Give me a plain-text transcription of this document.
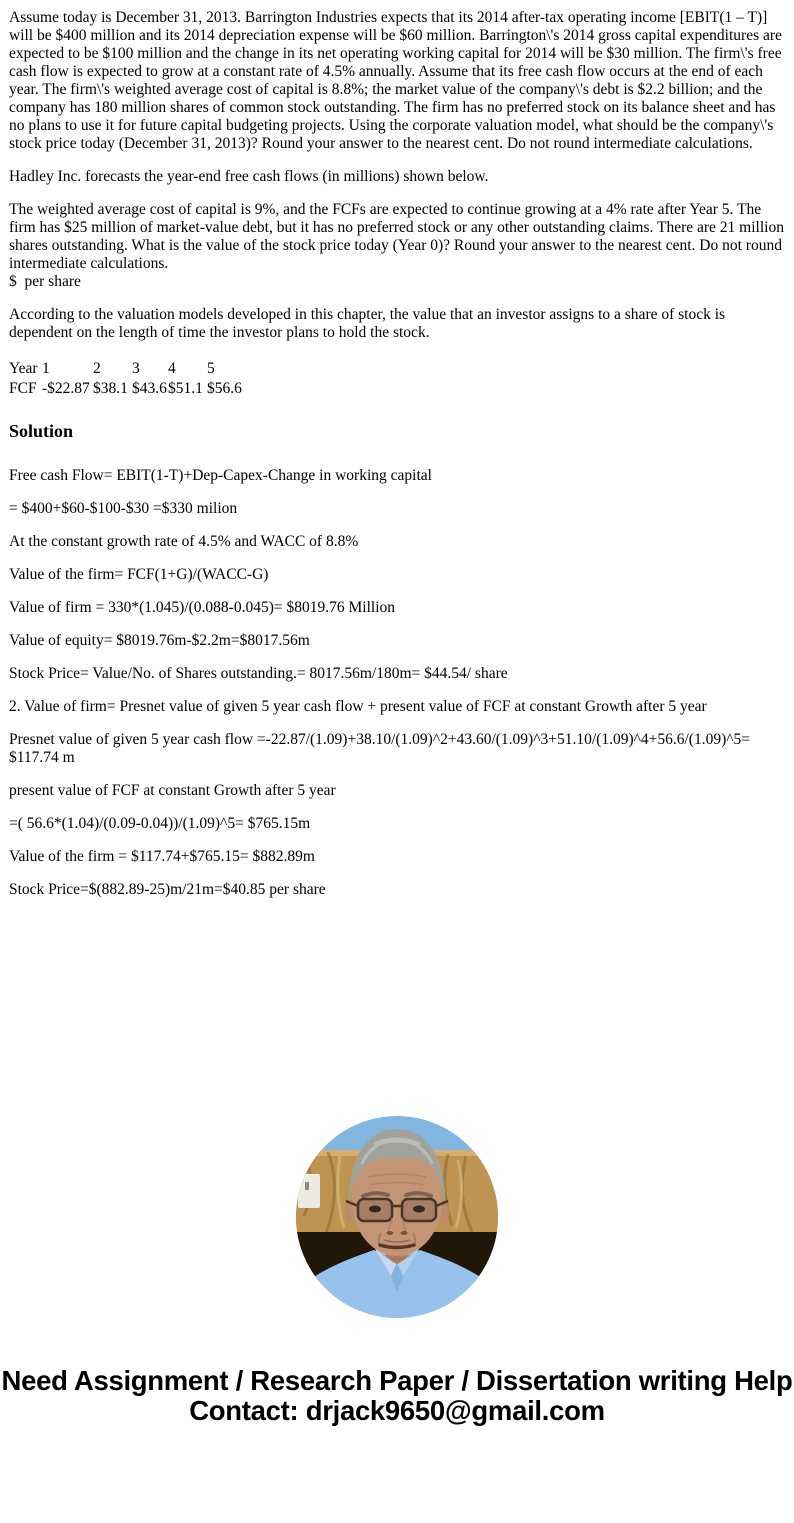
Assume today is December 31, 2013. Barrington Industries expects that its 2014 after-tax operating income [EBIT(1 – T)] will be $400 million and its 2014 depreciation expense will be $60 million. Barrington\'s 2014 gross capital expenditures are expected to be $100 million and the change in its net operating working capital for 2014 will be $30 million. The firm\'s free cash flow is expected to grow at a constant rate of 4.5% annually. Assume that its free cash flow occurs at the end of each year. The firm\'s weighted average cost of capital is 8.8%; the market value of the company\'s debt is $2.2 billion; and the company has 180 million shares of common stock outstanding. The firm has no preferred stock on its balance sheet and has no plans to use it for future capital budgeting projects. Using the corporate valuation model, what should be the company\'s stock price today (December 31, 2013)? Round your answer to the nearest cent. Do not round intermediate calculations.

Hadley Inc. forecasts the year-end free cash flows (in millions) shown below.

The weighted average cost of capital is 9%, and the FCFs are expected to continue growing at a 4% rate after Year 5. The firm has $25 million of market-value debt, but it has no preferred stock or any other outstanding claims. There are 21 million shares outstanding. What is the value of the stock price today (Year 0)? Round your answer to the nearest cent. Do not round intermediate calculations.
$  per share

According to the valuation models developed in this chapter, the value that an investor assigns to a share of stock is dependent on the length of time the investor plans to hold the stock.

Year	1	2	3	4	5
FCF	-$22.87	$38.1	$43.6	$51.1	$56.6
Solution

Free cash Flow= EBIT(1-T)+Dep-Capex-Change in working capital

= $400+$60-$100-$30 =$330 milion

At the constant growth rate of 4.5% and WACC of 8.8%

Value of the firm= FCF(1+G)/(WACC-G)

Value of firm = 330*(1.045)/(0.088-0.045)= $8019.76 Million

Value of equity= $8019.76m-$2.2m=$8017.56m

Stock Price= Value/No. of Shares outstanding.= 8017.56m/180m= $44.54/ share

2. Value of firm= Presnet value of given 5 year cash flow + present value of FCF at constant Growth after 5 year

Presnet value of given 5 year cash flow =-22.87/(1.09)+38.10/(1.09)^2+43.60/(1.09)^3+51.10/(1.09)^4+56.6/(1.09)^5= $117.74 m

present value of FCF at constant Growth after 5 year

=( 56.6*(1.04)/(0.09-0.04))/(1.09)^5= $765.15m

Value of the firm = $117.74+$765.15= $882.89m

Stock Price=$(882.89-25)m/21m=$40.85 per share

Need Assignment / Research Paper / Dissertation writing Help
Contact: drjack9650@gmail.com
